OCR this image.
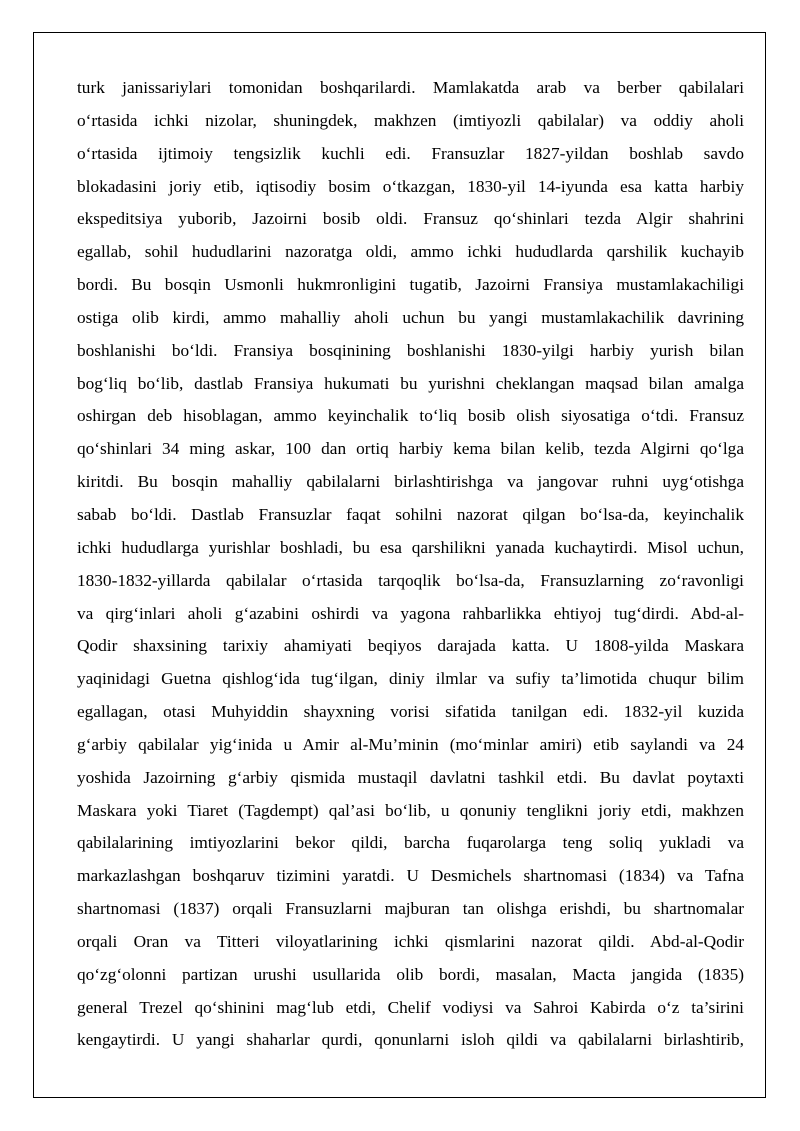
turk janissariylari tomonidan boshqarilardi. Mamlakatda arab va berber qabilalari
o‘rtasida ichki nizolar, shuningdek, makhzen (imtiyozli qabilalar) va oddiy aholi
o‘rtasida ijtimoiy tengsizlik kuchli edi. Fransuzlar 1827-yildan boshlab savdo
blokadasini joriy etib, iqtisodiy bosim o‘tkazgan, 1830-yil 14-iyunda esa katta harbiy
ekspeditsiya yuborib, Jazoirni bosib oldi. Fransuz qo‘shinlari tezda Algir shahrini
egallab, sohil hududlarini nazoratga oldi, ammo ichki hududlarda qarshilik kuchayib
bordi. Bu bosqin Usmonli hukmronligini tugatib, Jazoirni Fransiya mustamlakachiligi
ostiga olib kirdi, ammo mahalliy aholi uchun bu yangi mustamlakachilik davrining
boshlanishi bo‘ldi. Fransiya bosqinining boshlanishi 1830-yilgi harbiy yurish bilan
bog‘liq bo‘lib, dastlab Fransiya hukumati bu yurishni cheklangan maqsad bilan amalga
oshirgan deb hisoblagan, ammo keyinchalik to‘liq bosib olish siyosatiga o‘tdi. Fransuz
qo‘shinlari 34 ming askar, 100 dan ortiq harbiy kema bilan kelib, tezda Algirni qo‘lga
kiritdi. Bu bosqin mahalliy qabilalarni birlashtirishga va jangovar ruhni uyg‘otishga
sabab bo‘ldi. Dastlab Fransuzlar faqat sohilni nazorat qilgan bo‘lsa-da, keyinchalik
ichki hududlarga yurishlar boshladi, bu esa qarshilikni yanada kuchaytirdi. Misol uchun,
1830-1832-yillarda qabilalar o‘rtasida tarqoqlik bo‘lsa-da, Fransuzlarning zo‘ravonligi
va qirg‘inlari aholi g‘azabini oshirdi va yagona rahbarlikka ehtiyoj tug‘dirdi. Abd-al-
Qodir shaxsining tarixiy ahamiyati beqiyos darajada katta. U 1808-yilda Maskara
yaqinidagi Guetna qishlog‘ida tug‘ilgan, diniy ilmlar va sufiy ta’limotida chuqur bilim
egallagan, otasi Muhyiddin shayxning vorisi sifatida tanilgan edi. 1832-yil kuzida
g‘arbiy qabilalar yig‘inida u Amir al-Mu’minin (mo‘minlar amiri) etib saylandi va 24
yoshida Jazoirning g‘arbiy qismida mustaqil davlatni tashkil etdi. Bu davlat poytaxti
Maskara yoki Tiaret (Tagdempt) qal’asi bo‘lib, u qonuniy tenglikni joriy etdi, makhzen
qabilalarining imtiyozlarini bekor qildi, barcha fuqarolarga teng soliq yukladi va
markazlashgan boshqaruv tizimini yaratdi. U Desmichels shartnomasi (1834) va Tafna
shartnomasi (1837) orqali Fransuzlarni majburan tan olishga erishdi, bu shartnomalar
orqali Oran va Titteri viloyatlarining ichki qismlarini nazorat qildi. Abd-al-Qodir
qo‘zg‘olonni partizan urushi usullarida olib bordi, masalan, Macta jangida (1835)
general Trezel qo‘shinini mag‘lub etdi, Chelif vodiysi va Sahroi Kabirda o‘z ta’sirini
kengaytirdi. U yangi shaharlar qurdi, qonunlarni isloh qildi va qabilalarni birlashtirib,
